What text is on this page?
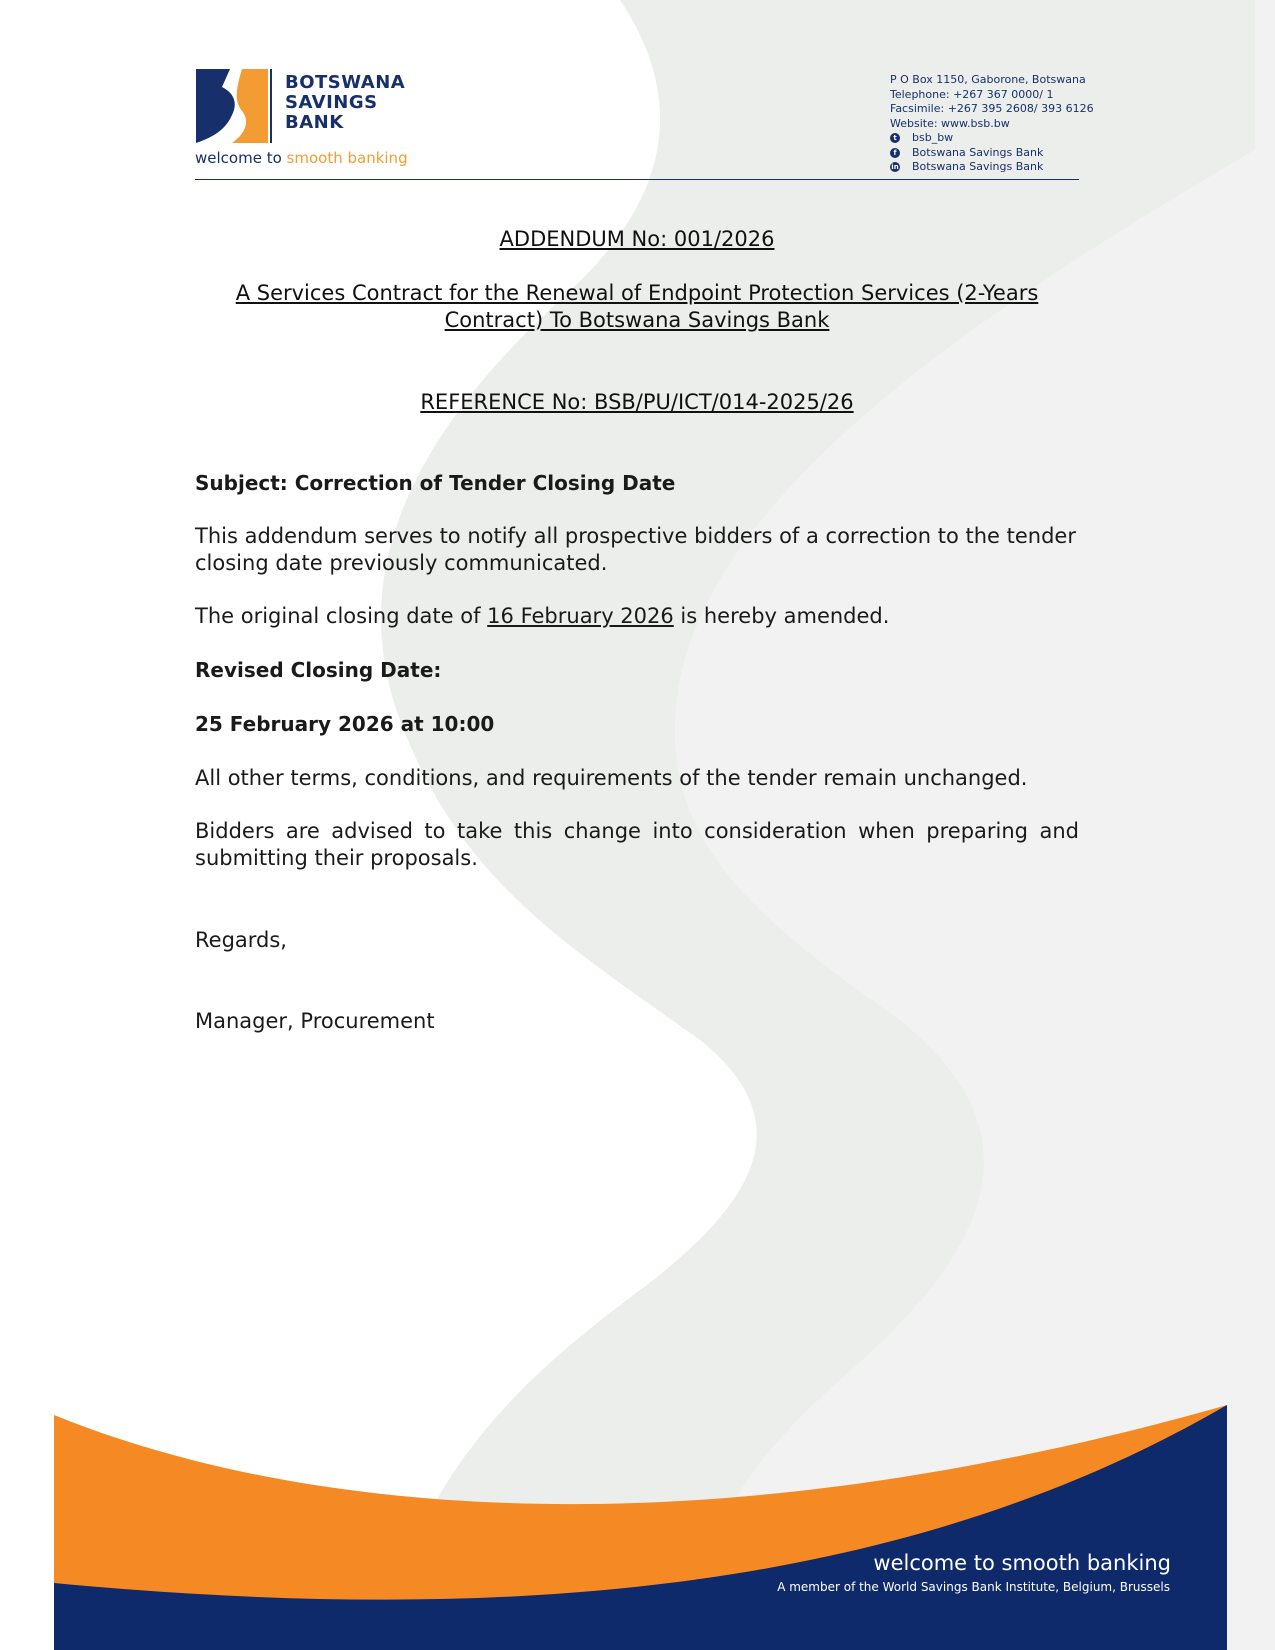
BOTSWANA
SAVINGS
BANK
welcome to smooth banking
P O Box 1150, Gaborone, Botswana
Telephone: +267 367 0000/ 1
Facsimile: +267 395 2608/ 393 6126
Website: www.bsb.bw
t	bsb_bw
f	Botswana Savings Bank
in Botswana Savings Bank
ADDENDUM No: 001/2026
A Services Contract for the Renewal of Endpoint Protection Services (2-Years
Contract) To Botswana Savings Bank
REFERENCE No: BSB/PU/ICT/014-2025/26
Subject: Correction of Tender Closing Date
This addendum serves to notify all prospective bidders of a correction to the tender closing date previously communicated.
The original closing date of 16 February 2026 is hereby amended.
Revised Closing Date:
25 February 2026 at 10:00
All other terms, conditions, and requirements of the tender remain unchanged.
Bidders are advised to take this change into consideration when preparing and submitting their proposals.
Regards,
Manager, Procurement
welcome to smooth banking
A member of the World Savings Bank Institute, Belgium, Brussels
